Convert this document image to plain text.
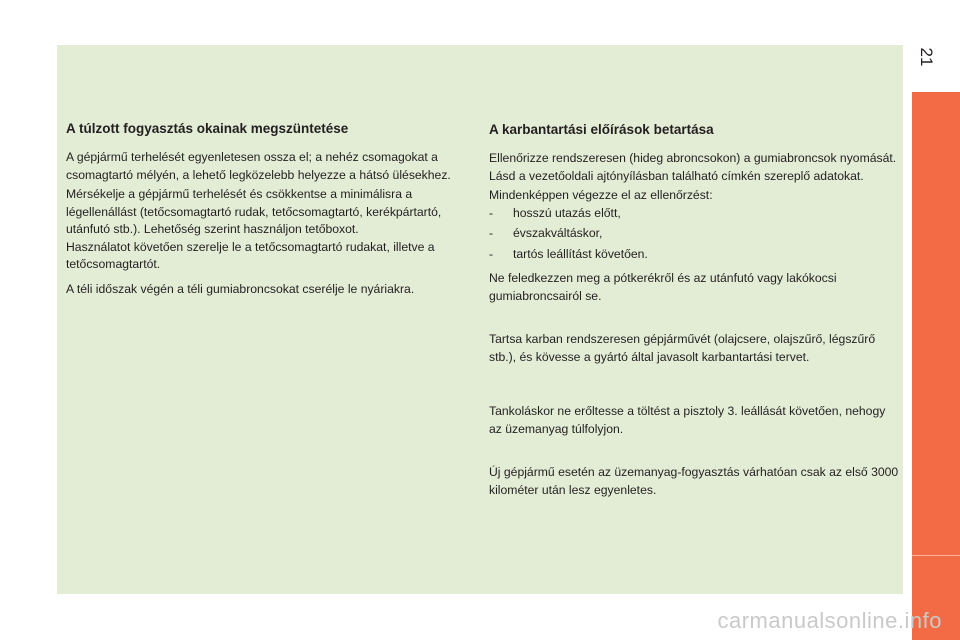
21
A túlzott fogyasztás okainak megszüntetése

A gépjármű terhelését egyenletesen ossza el; a nehéz csomagokat a csomagtartó mélyén, a lehető legközelebb helyezze a hátsó ülésekhez.

Mérsékelje a gépjármű terhelését és csökkentse a minimálisra a légellenállást (tetőcsomagtartó rudak, tetőcsomagtartó, kerékpártartó, utánfutó stb.). Lehetőség szerint használjon tetőboxot.

Használatot követően szerelje le a tetőcsomagtartó rudakat, illetve a tetőcsomagtartót.

A téli időszak végén a téli gumiabroncsokat cserélje le nyáriakra.

A karbantartási előírások betartása

Ellenőrizze rendszeresen (hideg abroncsokon) a gumiabroncsok nyomását. Lásd a vezetőoldali ajtónyílásban található címkén szereplő adatokat.

Mindenképpen végezze el az ellenőrzést:

- hosszú utazás előtt,
- évszakváltáskor,
- tartós leállítást követően.

Ne feledkezzen meg a pótkerékről és az utánfutó vagy lakókocsi gumiabroncsairól se.

Tartsa karban rendszeresen gépjárművét (olajcsere, olajszűrő, légszűrő stb.), és kövesse a gyártó által javasolt karbantartási tervet.

Tankoláskor ne erőltesse a töltést a pisztoly 3. leállását követően, nehogy az üzemanyag túlfolyjon.

Új gépjármű esetén az üzemanyag-fogyasztás várhatóan csak az első 3000 kilométer után lesz egyenletes.

carmanualsonline.info
